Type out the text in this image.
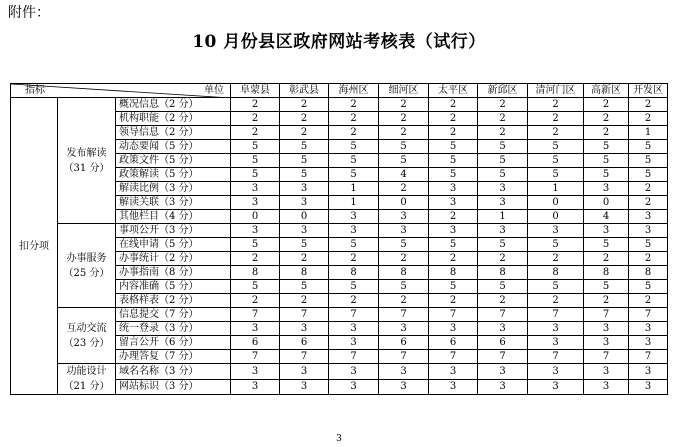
附件：
10 月份县区政府网站考核表（试行）
指标 单位			阜蒙县	彰武县	海州区	细河区	太平区	新邱区	清河门区	高新区	开发区
扣分项	发布解读
（31 分）	概况信息（2 分）	2	2	2	2	2	2	2	2	2
		机构职能（2 分）	2	2	2	2	2	2	2	2	2
		领导信息（2 分）	2	2	2	2	2	2	2	2	1
		动态要闻（5 分）	5	5	5	5	5	5	5	5	5
		政策文件（5 分）	5	5	5	5	5	5	5	5	5
		政策解读（5 分）	5	5	5	4	5	5	5	5	5
		解读比例（3 分）	3	3	1	2	3	3	1	3	2
		解读关联（3 分）	3	3	1	0	3	3	0	0	2
		其他栏目（4 分）	0	0	3	3	2	1	0	4	3

	办事服务
（25 分）	事项公开（3 分）	3	3	3	3	3	3	3	3	3
		在线申请（5 分）	5	5	5	5	5	5	5	5	5
		办事统计（2 分）	2	2	2	2	2	2	2	2	2
		办事指南（8 分）	8	8	8	8	8	8	8	8	8
		内容准确（5 分）	5	5	5	5	5	5	5	5	5
		表格样表（2 分）	2	2	2	2	2	2	2	2	2

	互动交流
（23 分）	信息提交（7 分）	7	7	7	7	7	7	7	7	7
		统一登录（3 分）	3	3	3	3	3	3	3	3	3
		留言公开（6 分）	6	6	3	6	6	6	3	3	3
		办理答复（7 分）	7	7	7	7	7	7	7	7	7

	功能设计
（21 分）	域名名称（3 分）	3	3	3	3	3	3	3	3	3
		网站标识（3 分）	3	3	3	3	3	3	3	3	3
3
